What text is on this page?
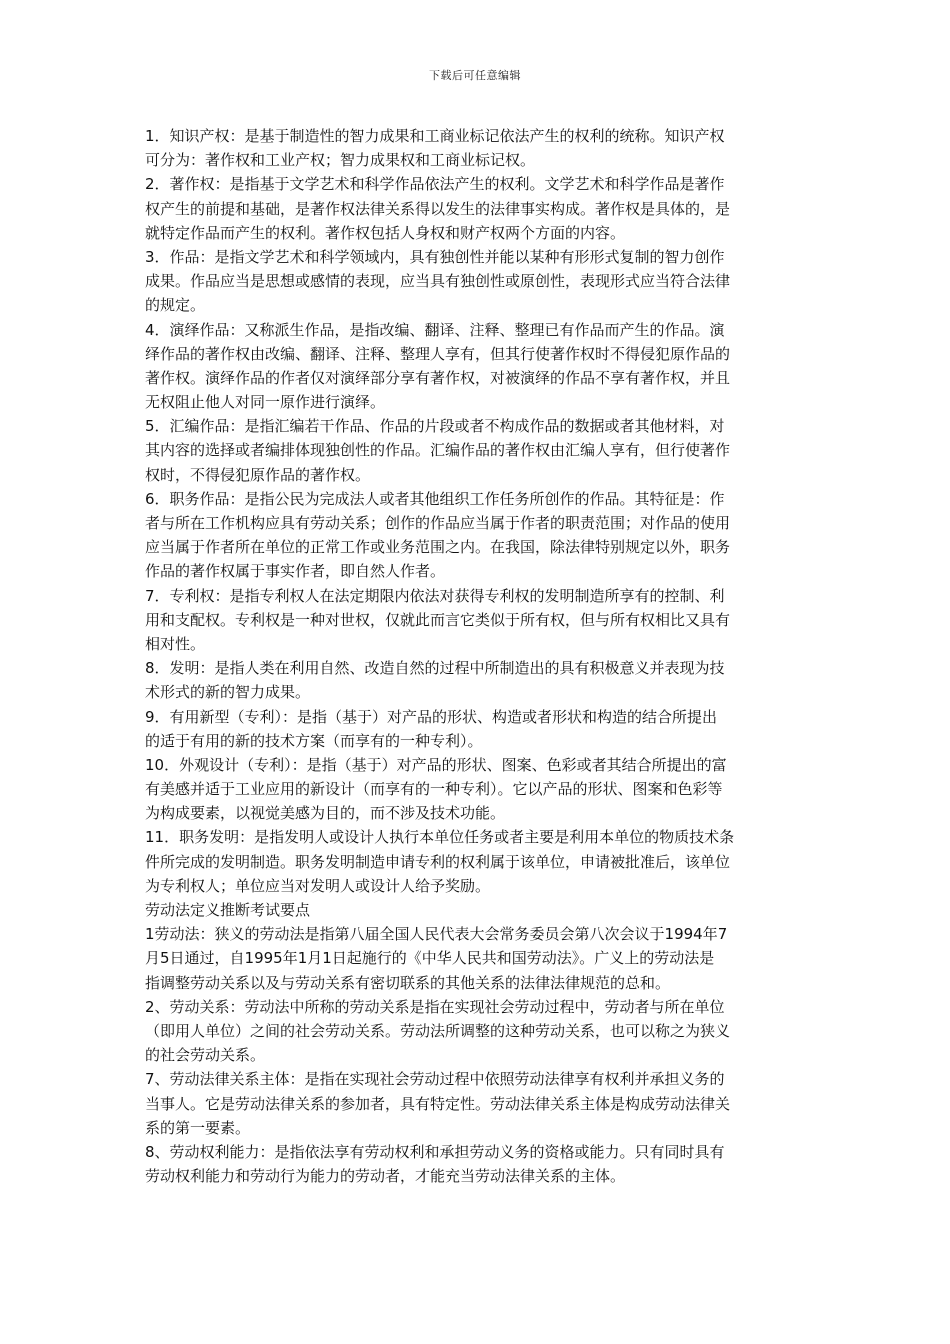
下载后可任意编辑
1．知识产权：是基于制造性的智力成果和工商业标记依法产生的权利的统称。知识产权
可分为：著作权和工业产权；智力成果权和工商业标记权。
2．著作权：是指基于文学艺术和科学作品依法产生的权利。文学艺术和科学作品是著作
权产生的前提和基础，是著作权法律关系得以发生的法律事实构成。著作权是具体的，是
就特定作品而产生的权利。著作权包括人身权和财产权两个方面的内容。
3．作品：是指文学艺术和科学领域内，具有独创性并能以某种有形形式复制的智力创作
成果。作品应当是思想或感情的表现，应当具有独创性或原创性，表现形式应当符合法律
的规定。
4．演绎作品：又称派生作品，是指改编、翻译、注释、整理已有作品而产生的作品。演
绎作品的著作权由改编、翻译、注释、整理人享有，但其行使著作权时不得侵犯原作品的
著作权。演绎作品的作者仅对演绎部分享有著作权，对被演绎的作品不享有著作权，并且
无权阻止他人对同一原作进行演绎。
5．汇编作品：是指汇编若干作品、作品的片段或者不构成作品的数据或者其他材料，对
其内容的选择或者编排体现独创性的作品。汇编作品的著作权由汇编人享有，但行使著作
权时，不得侵犯原作品的著作权。
6．职务作品：是指公民为完成法人或者其他组织工作任务所创作的作品。其特征是：作
者与所在工作机构应具有劳动关系；创作的作品应当属于作者的职责范围；对作品的使用
应当属于作者所在单位的正常工作或业务范围之内。在我国，除法律特别规定以外，职务
作品的著作权属于事实作者，即自然人作者。
7．专利权：是指专利权人在法定期限内依法对获得专利权的发明制造所享有的控制、利
用和支配权。专利权是一种对世权，仅就此而言它类似于所有权，但与所有权相比又具有
相对性。
8．发明：是指人类在利用自然、改造自然的过程中所制造出的具有积极意义并表现为技
术形式的新的智力成果。
9．有用新型（专利）：是指（基于）对产品的形状、构造或者形状和构造的结合所提出
的适于有用的新的技术方案（而享有的一种专利）。
10．外观设计（专利）：是指（基于）对产品的形状、图案、色彩或者其结合所提出的富
有美感并适于工业应用的新设计（而享有的一种专利）。它以产品的形状、图案和色彩等
为构成要素，以视觉美感为目的，而不涉及技术功能。
11．职务发明：是指发明人或设计人执行本单位任务或者主要是利用本单位的物质技术条
件所完成的发明制造。职务发明制造申请专利的权利属于该单位，申请被批准后，该单位
为专利权人；单位应当对发明人或设计人给予奖励。
劳动法定义推断考试要点
1劳动法：狭义的劳动法是指第八届全国人民代表大会常务委员会第八次会议于1994年7
月5日通过，自1995年1月1日起施行的《中华人民共和国劳动法》。广义上的劳动法是
指调整劳动关系以及与劳动关系有密切联系的其他关系的法律法律规范的总和。
2、劳动关系：劳动法中所称的劳动关系是指在实现社会劳动过程中，劳动者与所在单位
（即用人单位）之间的社会劳动关系。劳动法所调整的这种劳动关系，也可以称之为狭义
的社会劳动关系。
7、劳动法律关系主体：是指在实现社会劳动过程中依照劳动法律享有权利并承担义务的
当事人。它是劳动法律关系的参加者，具有特定性。劳动法律关系主体是构成劳动法律关
系的第一要素。
8、劳动权利能力：是指依法享有劳动权利和承担劳动义务的资格或能力。只有同时具有
劳动权利能力和劳动行为能力的劳动者，才能充当劳动法律关系的主体。
